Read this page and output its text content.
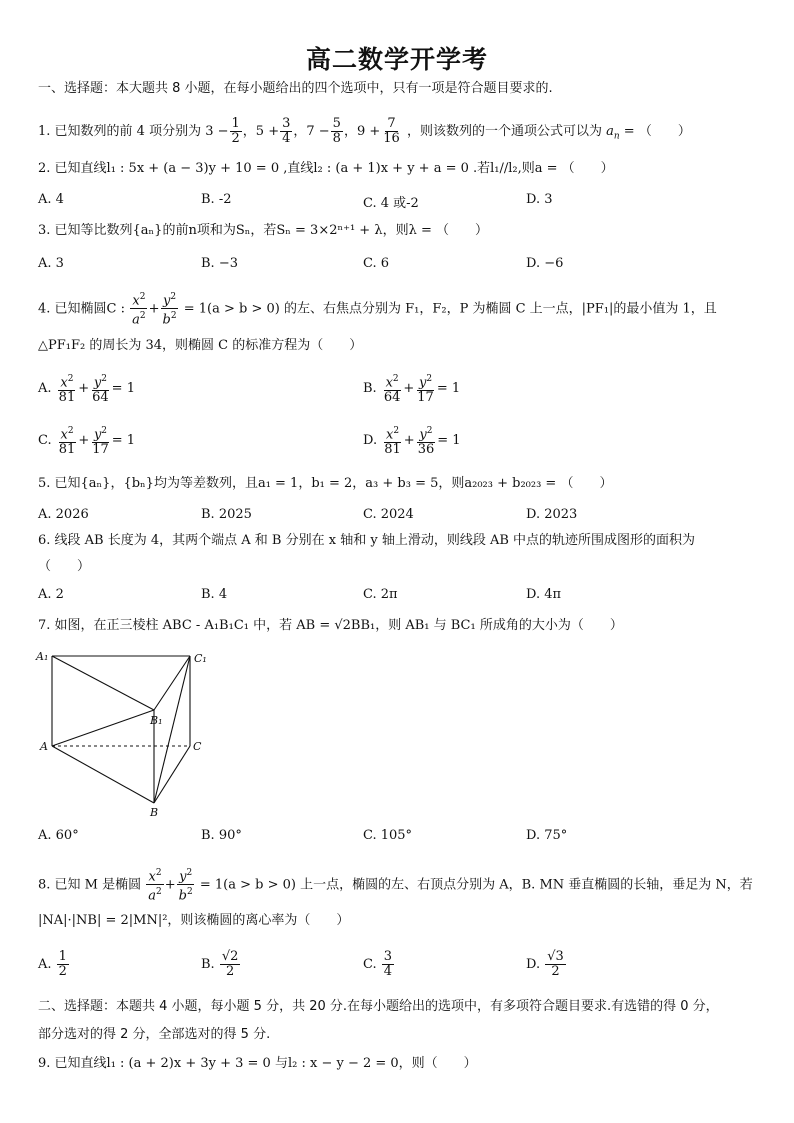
高二数学开学考
一、选择题：本大题共 8 小题，在每小题给出的四个选项中，只有一项是符合题目要求的.
1. 已知数列的前 4 项分别为 $3 - \frac{1}{2}$ ，$5 + \frac{3}{4}$ ，$7 - \frac{5}{8}$ ，$9 + \frac{7}{16}$ ，则该数列的一个通项公式可以为 $a_n$ = （　　）
2. 已知直线l₁ : 5x + (a − 3)y + 10 = 0 ,直线l₂ : (a + 1)x + y + a = 0 .若l₁//l₂,则a = （　　）
A. 4	B. -2	C. 4 或-2	D. 3
3. 已知等比数列{aₙ}的前n项和为Sₙ，若Sₙ = 3×2ⁿ⁺¹ + λ，则λ = （　　）
A. 3	B. −3	C. 6	D. −6
4. 已知椭圆C : $\frac{x^2}{a^2} + \frac{y^2}{b^2} = 1(a > b > 0)$ 的左、右焦点分别为 F₁，F₂，P 为椭圆 C 上一点，|PF₁|的最小值为 1，且
△PF₁F₂ 的周长为 34，则椭圆 C 的标准方程为（　　）
A. $\frac{x^2}{81} + \frac{y^2}{64} = 1$	B. $\frac{x^2}{64} + \frac{y^2}{17} = 1$
C. $\frac{x^2}{81} + \frac{y^2}{17} = 1$	D. $\frac{x^2}{81} + \frac{y^2}{36} = 1$
5. 已知{aₙ}，{bₙ}均为等差数列，且a₁ = 1，b₁ = 2，a₃ + b₃ = 5，则a₂₀₂₃ + b₂₀₂₃ = （　　）
A. 2026	B. 2025	C. 2024	D. 2023
6. 线段 AB 长度为 4，其两个端点 A 和 B 分别在 x 轴和 y 轴上滑动，则线段 AB 中点的轨迹所围成图形的面积为
（　　）
A. 2	B. 4	C. 2π	D. 4π
7. 如图，在正三棱柱 ABC - A₁B₁C₁ 中，若 AB = √2BB₁，则 AB₁ 与 BC₁ 所成角的大小为（　　）
A₁	C₁
B₁
A	C
B
A. 60°	B. 90°	C. 105°	D. 75°
8. 已知 M 是椭圆 $\frac{x^2}{a^2} + \frac{y^2}{b^2} = 1(a > b > 0)$ 上一点，椭圆的左、右顶点分别为 A，B. MN 垂直椭圆的长轴，垂足为 N，若
|NA|·|NB| = 2|MN|²，则该椭圆的离心率为（　　）
A. $\frac{1}{2}$	B. $\frac{√2}{2}$	C. $\frac{3}{4}$	D. $\frac{√3}{2}$
二、选择题：本题共 4 小题，每小题 5 分，共 20 分.在每小题给出的选项中，有多项符合题目要求.有选错的得 0 分，
部分选对的得 2 分，全部选对的得 5 分.
9. 已知直线l₁ : (a + 2)x + 3y + 3 = 0 与l₂ : x − y − 2 = 0，则（　　）
